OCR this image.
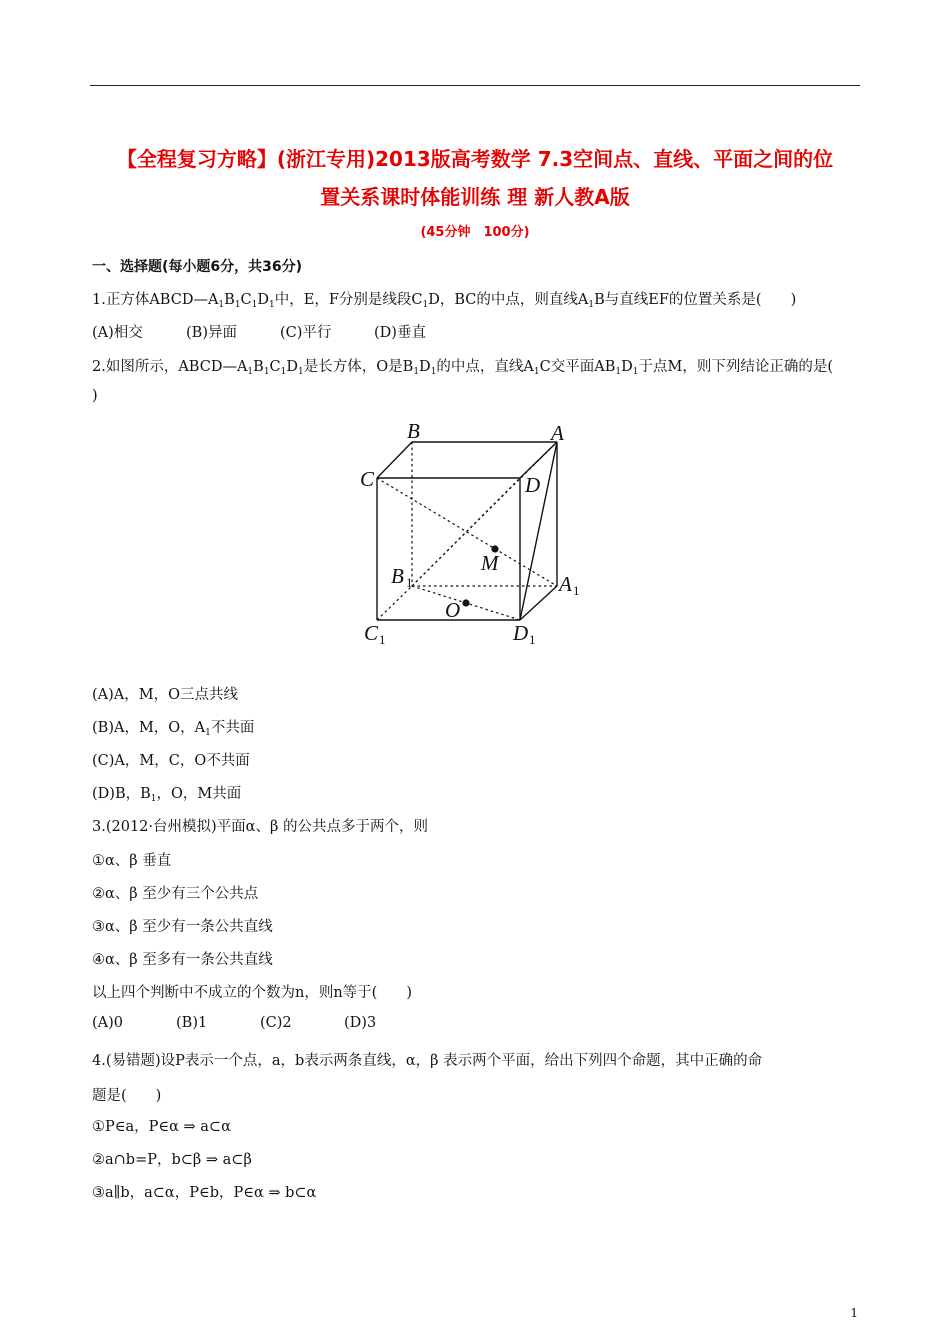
【全程复习方略】(浙江专用)2013版高考数学 7.3空间点、直线、平面之间的位
置关系课时体能训练 理 新人教A版
(45分钟　100分)
一、选择题(每小题6分，共36分)
1.正方体$ABCD—A_1B_1C_1D_1$中，E，F分别是线段$C_1D$，BC的中点，则直线$A_1B$与直线EF的位置关系是(　　)
(A)相交	(B)异面	(C)平行	(D)垂直
2.如图所示，$ABCD—A_1B_1C_1D_1$是长方体，O是$B_1D_1$的中点，直线$A_1C$交平面$AB_1D_1$于点M，则下列结论正确的是(
)
B	A
C	D
M
B	A
O
C	D
1
1
1	1
(A)A，M，O三点共线
(B)A，M，O，$A_1$不共面
(C)A，M，C，O不共面
(D)B，$B_1$，O，M共面
3.(2012·台州模拟)平面α、β 的公共点多于两个，则
①α、β 垂直
②α、β 至少有三个公共点
③α、β 至少有一条公共直线
④α、β 至多有一条公共直线
以上四个判断中不成立的个数为n，则n等于(　　)
(A)0	(B)1	(C)2	(D)3
4.(易错题)设P表示一个点，a，b表示两条直线，α，β 表示两个平面，给出下列四个命题，其中正确的命
题是(　　)
①P∈a，P∈α ⇒ a⊂α
②a∩b=P，b⊂β ⇒ a⊂β
③a∥b，a⊂α，P∈b，P∈α ⇒ b⊂α
1
